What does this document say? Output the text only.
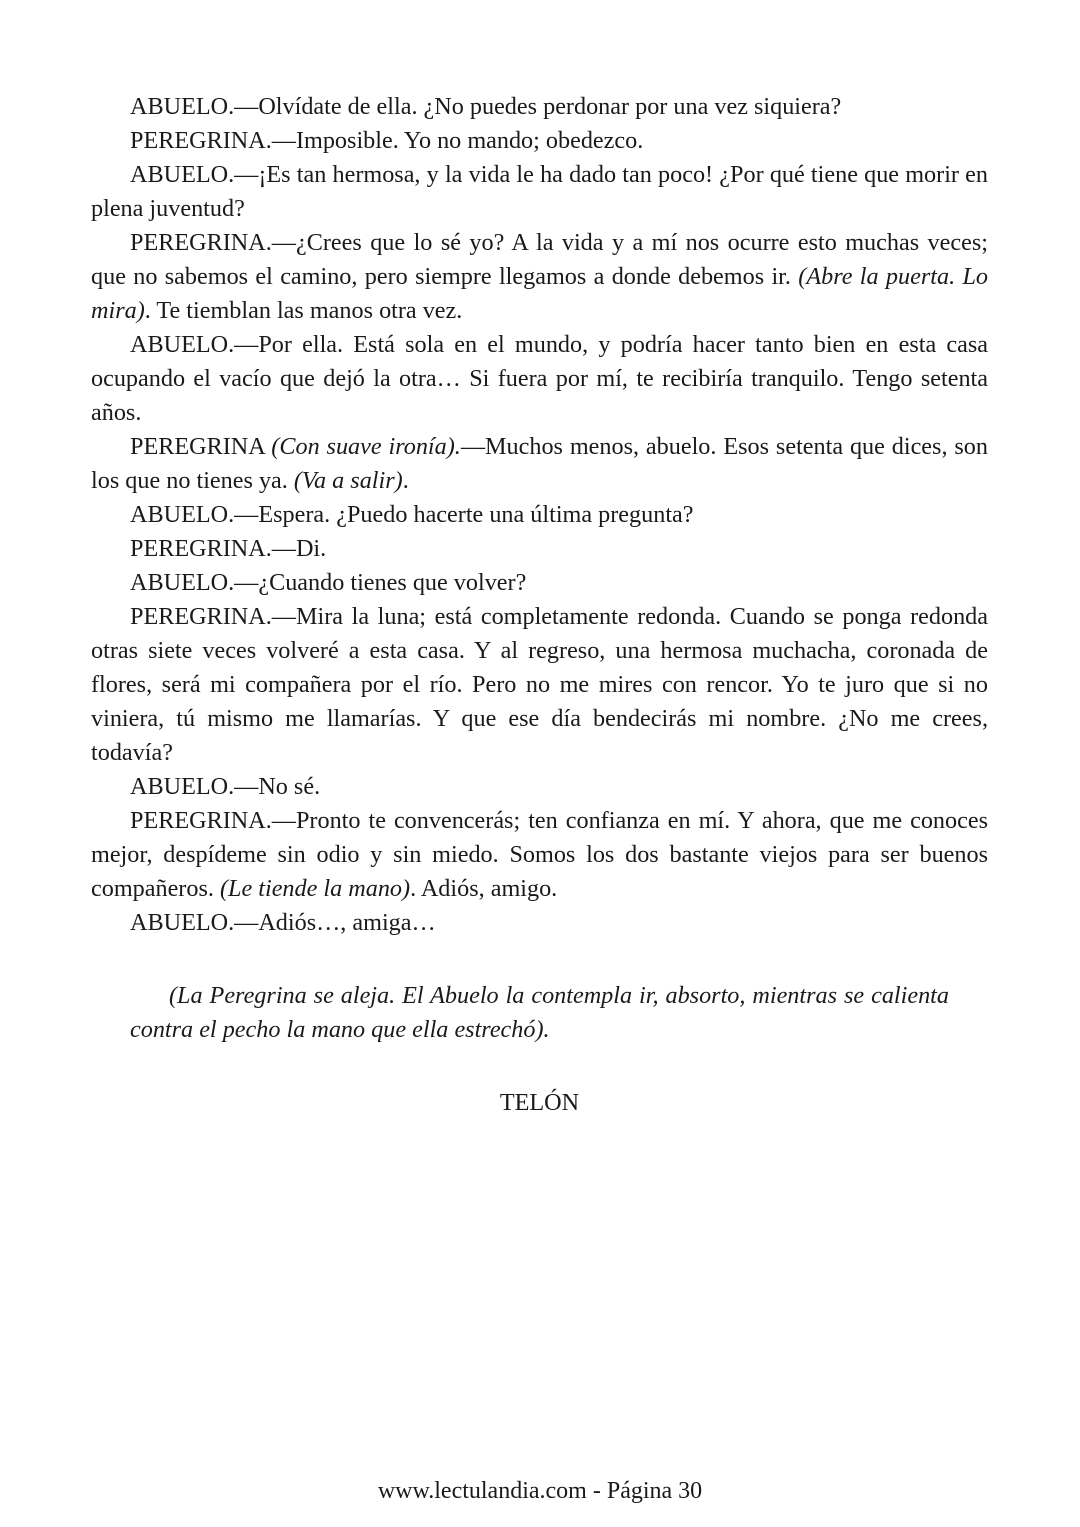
ABUELO.—Olvídate de ella. ¿No puedes perdonar por una vez siquiera?

PEREGRINA.—Imposible. Yo no mando; obedezco.

ABUELO.—¡Es tan hermosa, y la vida le ha dado tan poco! ¿Por qué tiene que morir en plena juventud?

PEREGRINA.—¿Crees que lo sé yo? A la vida y a mí nos ocurre esto muchas veces; que no sabemos el camino, pero siempre llegamos a donde debemos ir. (Abre la puerta. Lo mira). Te tiemblan las manos otra vez.

ABUELO.—Por ella. Está sola en el mundo, y podría hacer tanto bien en esta casa ocupando el vacío que dejó la otra… Si fuera por mí, te recibiría tranquilo. Tengo setenta años.

PEREGRINA (Con suave ironía).—Muchos menos, abuelo. Esos setenta que dices, son los que no tienes ya. (Va a salir).

ABUELO.—Espera. ¿Puedo hacerte una última pregunta?

PEREGRINA.—Di.

ABUELO.—¿Cuando tienes que volver?

PEREGRINA.—Mira la luna; está completamente redonda. Cuando se ponga redonda otras siete veces volveré a esta casa. Y al regreso, una hermosa muchacha, coronada de flores, será mi compañera por el río. Pero no me mires con rencor. Yo te juro que si no viniera, tú mismo me llamarías. Y que ese día bendecirás mi nombre. ¿No me crees, todavía?

ABUELO.—No sé.

PEREGRINA.—Pronto te convencerás; ten confianza en mí. Y ahora, que me conoces mejor, despídeme sin odio y sin miedo. Somos los dos bastante viejos para ser buenos compañeros. (Le tiende la mano). Adiós, amigo.

ABUELO.—Adiós…, amiga…

(La Peregrina se aleja. El Abuelo la contempla ir, absorto, mientras se calienta contra el pecho la mano que ella estrechó).

TELÓN
www.lectulandia.com - Página 30
